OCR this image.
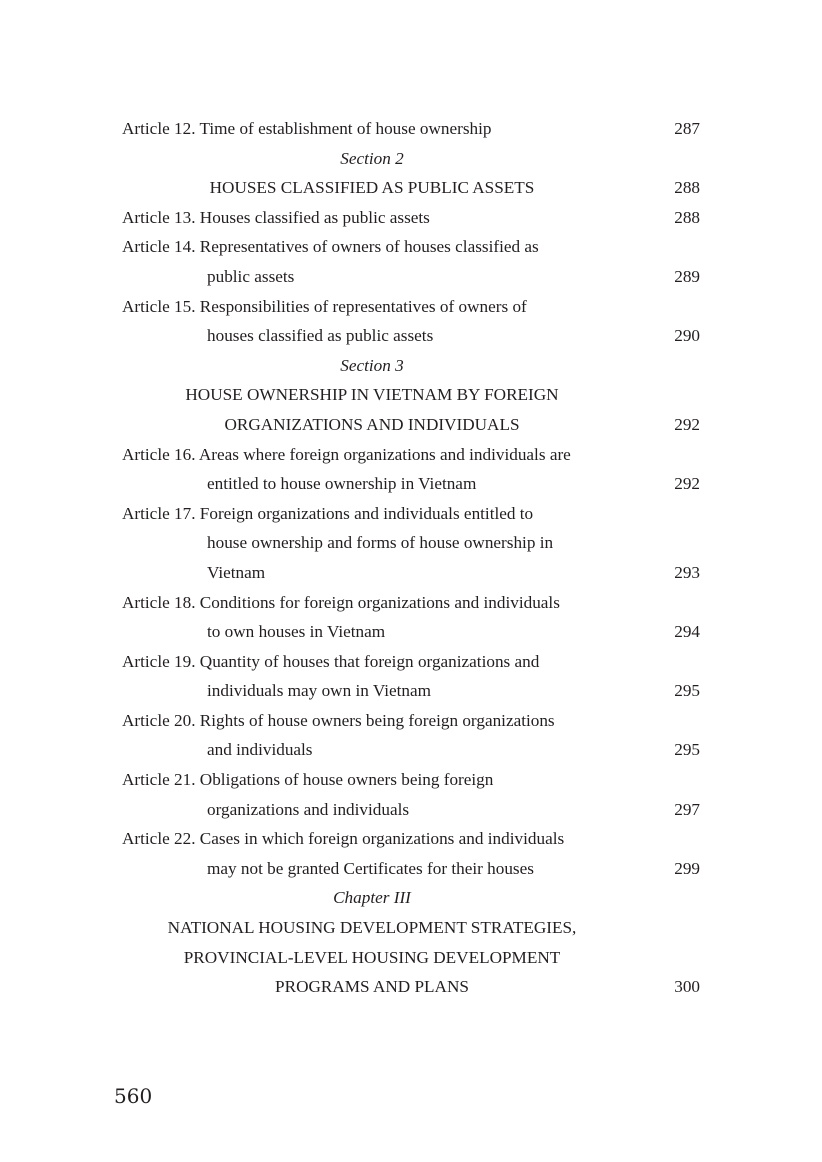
Article 12. Time of establishment of house ownership	287
Section 2
HOUSES CLASSIFIED AS PUBLIC ASSETS	288
Article 13. Houses classified as public assets	288
Article 14. Representatives of owners of houses classified as
public assets	289
Article 15. Responsibilities of representatives of owners of
houses classified as public assets	290
Section 3
HOUSE OWNERSHIP IN VIETNAM BY FOREIGN
ORGANIZATIONS AND INDIVIDUALS	292
Article 16. Areas where foreign organizations and individuals are
entitled to house ownership in Vietnam	292
Article 17. Foreign organizations and individuals entitled to
house ownership and forms of house ownership in
Vietnam	293
Article 18. Conditions for foreign organizations and individuals
to own houses in Vietnam	294
Article 19. Quantity of houses that foreign organizations and
individuals may own in Vietnam	295
Article 20. Rights of house owners being foreign organizations
and individuals	295
Article 21. Obligations of house owners being foreign
organizations and individuals	297
Article 22. Cases in which foreign organizations and individuals
may not be granted Certificates for their houses	299
Chapter III
NATIONAL HOUSING DEVELOPMENT STRATEGIES,
PROVINCIAL-LEVEL HOUSING DEVELOPMENT
PROGRAMS AND PLANS	300
560
